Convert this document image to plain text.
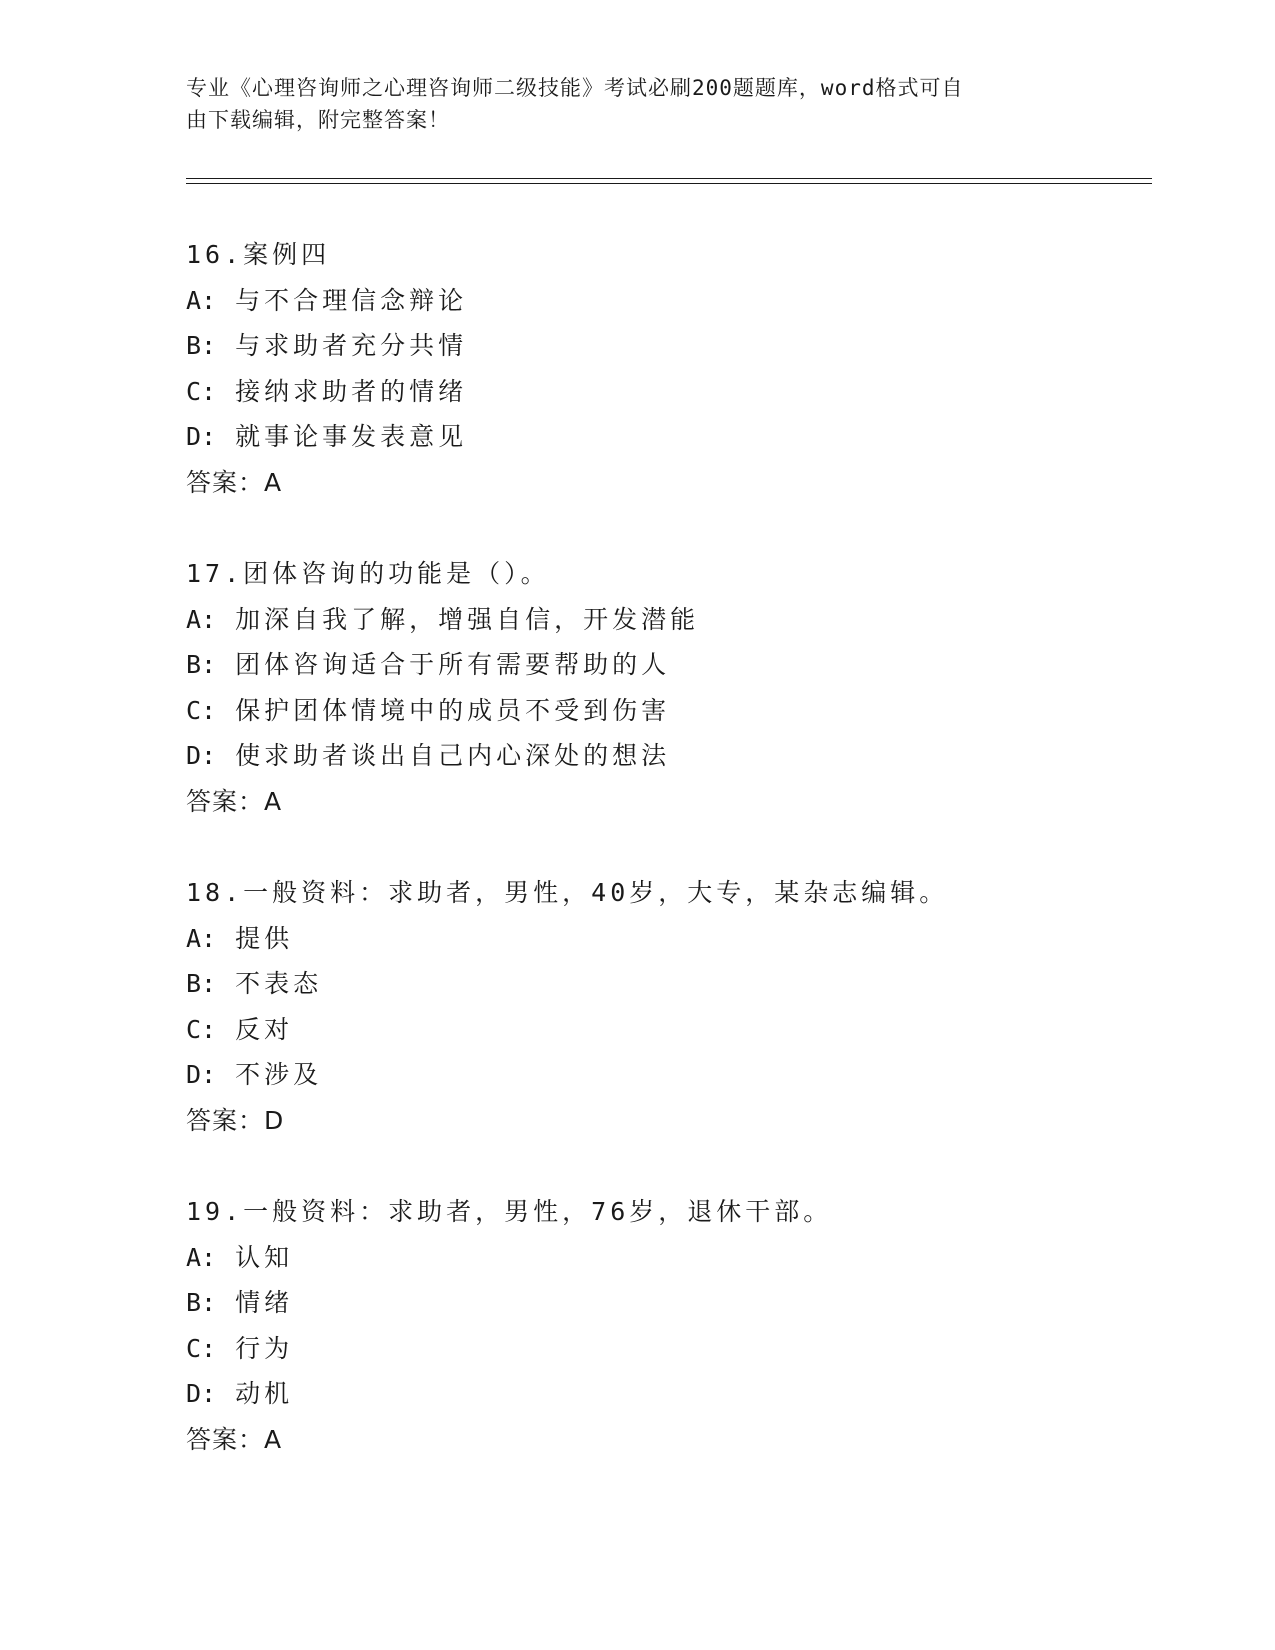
专业《心理咨询师之心理咨询师二级技能》考试必刷200题题库，word格式可自
由下载编辑，附完整答案！
16.案例四
A: 与不合理信念辩论
B: 与求助者充分共情
C: 接纳求助者的情绪
D: 就事论事发表意见
答案：A
17.团体咨询的功能是（）。
A: 加深自我了解，增强自信，开发潜能
B: 团体咨询适合于所有需要帮助的人
C: 保护团体情境中的成员不受到伤害
D: 使求助者谈出自己内心深处的想法
答案：A
18.一般资料：求助者，男性，40岁，大专，某杂志编辑。
A: 提供
B: 不表态
C: 反对
D: 不涉及
答案：D
19.一般资料：求助者，男性，76岁，退休干部。
A: 认知
B: 情绪
C: 行为
D: 动机
答案：A
